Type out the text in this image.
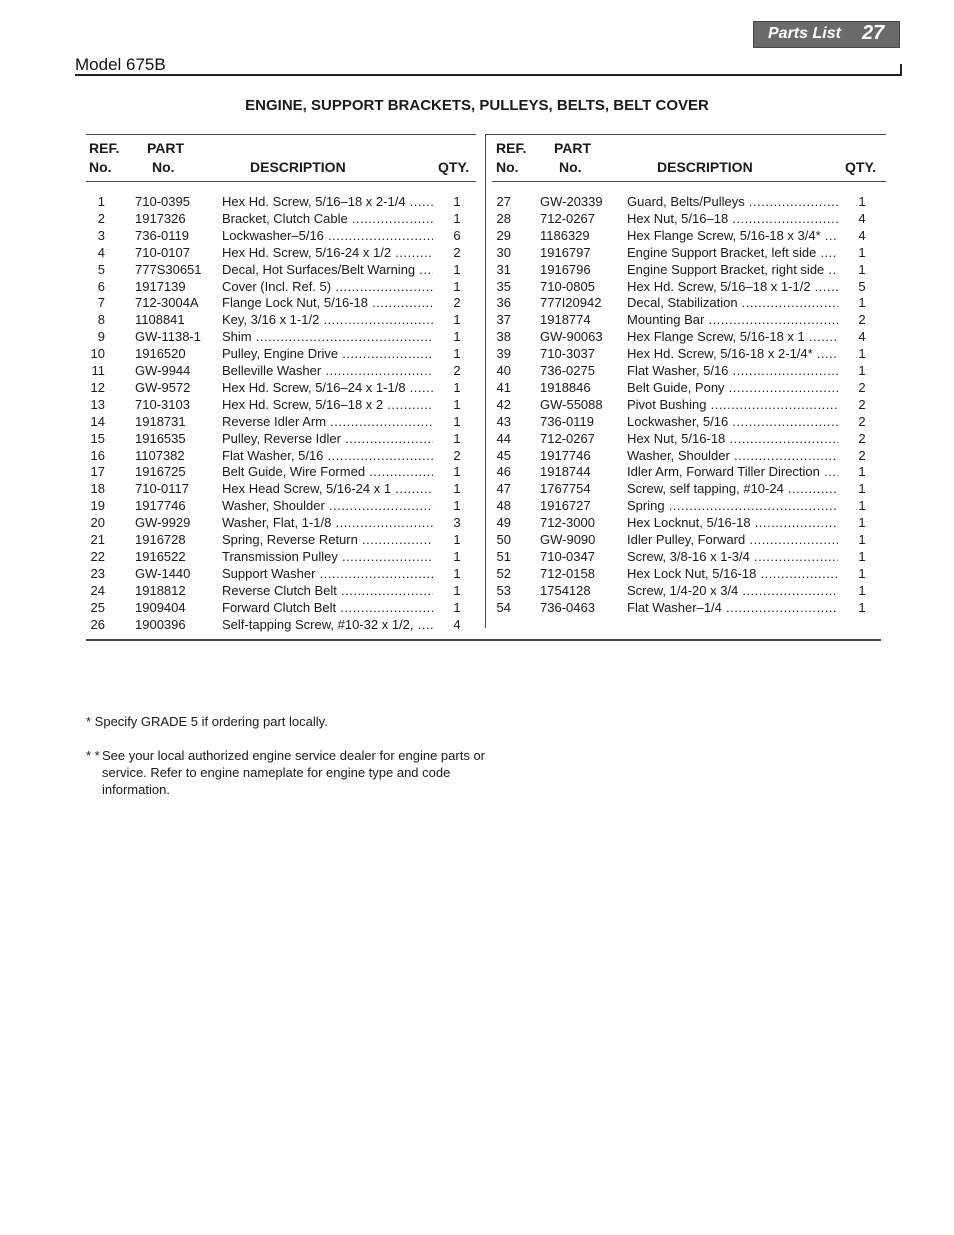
Parts List 27
Model 675B
ENGINE, SUPPORT BRACKETS, PULLEYS, BELTS, BELT COVER
REF.
No.
PART
No.	DESCRIPTION	QTY.
REF.
No.
PART
No.	DESCRIPTION	QTY.
1 710-0395 Hex Hd. Screw, 5/16–18 x 2-1/4 .....	1
2 1917326	Bracket, Clutch Cable .....	1
3 736-0119	Lockwasher–5/16 .....	6
4 710-0107 Hex Hd. Screw, 5/16-24 x 1/2 .....	2
5 777S30651 Decal, Hot Surfaces/Belt Warning .....	1
6 1917139	Cover (Incl. Ref. 5) .....	1
7 712-3004A Flange Lock Nut, 5/16-18 .....	2
8 1108841	Key, 3/16 x 1-1/2 .....	1
9 GW-1138-1 Shim .....	1
10 1916520	Pulley, Engine Drive .....	1
11 GW-9944 Belleville Washer .....	2
12 GW-9572 Hex Hd. Screw, 5/16–24 x 1-1/8 .....	1
13 710-3103 Hex Hd. Screw, 5/16–18 x 2 .....	1
14 1918731	Reverse Idler Arm .....	1
15 1916535	Pulley, Reverse Idler .....	1
16 1107382	Flat Washer, 5/16 .....	2
17 1916725	Belt Guide, Wire Formed .....	1
18 710-0117	Hex Head Screw, 5/16-24 x 1 .....	1
19 1917746	Washer, Shoulder .....	1
20 GW-9929 Washer, Flat, 1-1/8 .....	3
21 1916728	Spring, Reverse Return .....	1
22 1916522	Transmission Pulley .....	1
23 GW-1440 Support Washer .....	1
24 1918812	Reverse Clutch Belt .....	1
25 1909404	Forward Clutch Belt .....	1
26 1900396	Self-tapping Screw, #10-32 x 1/2, .....	4
27 GW-20339 Guard, Belts/Pulleys .....	1
28 712-0267 Hex Nut, 5/16–18 .....	4
29 1186329	Hex Flange Screw, 5/16-18 x 3/4* .....	4
30 1916797	Engine Support Bracket, left side .....	1
31 1916796	Engine Support Bracket, right side .....	1
35 710-0805 Hex Hd. Screw, 5/16–18 x 1-1/2 .....	5
36 777I20942 Decal, Stabilization .....	1
37 1918774	Mounting Bar .....	2
38 GW-90063 Hex Flange Screw, 5/16-18 x 1 .....	4
39 710-3037 Hex Hd. Screw, 5/16-18 x 2-1/4* .....	1
40 736-0275 Flat Washer, 5/16 .....	1
41 1918846	Belt Guide, Pony .....	2
42 GW-55088 Pivot Bushing .....	2
43 736-0119	Lockwasher, 5/16 .....	2
44 712-0267 Hex Nut, 5/16-18 .....	2
45 1917746	Washer, Shoulder .....	2
46 1918744	Idler Arm, Forward Tiller Direction .....	1
47 1767754	Screw, self tapping, #10-24 .....	1
48 1916727	Spring .....	1
49 712-3000 Hex Locknut, 5/16-18 .....	1
50 GW-9090 Idler Pulley, Forward .....	1
51 710-0347 Screw, 3/8-16 x 1-3/4 .....	1
52 712-0158 Hex Lock Nut, 5/16-18 .....	1
53 1754128	Screw, 1/4-20 x 3/4 .....	1
54 736-0463 Flat Washer–1/4 .....	1
* Specify GRADE 5 if ordering part locally.
* * See your local authorized engine service dealer for engine parts or
service. Refer to engine nameplate for engine type and code
information.
